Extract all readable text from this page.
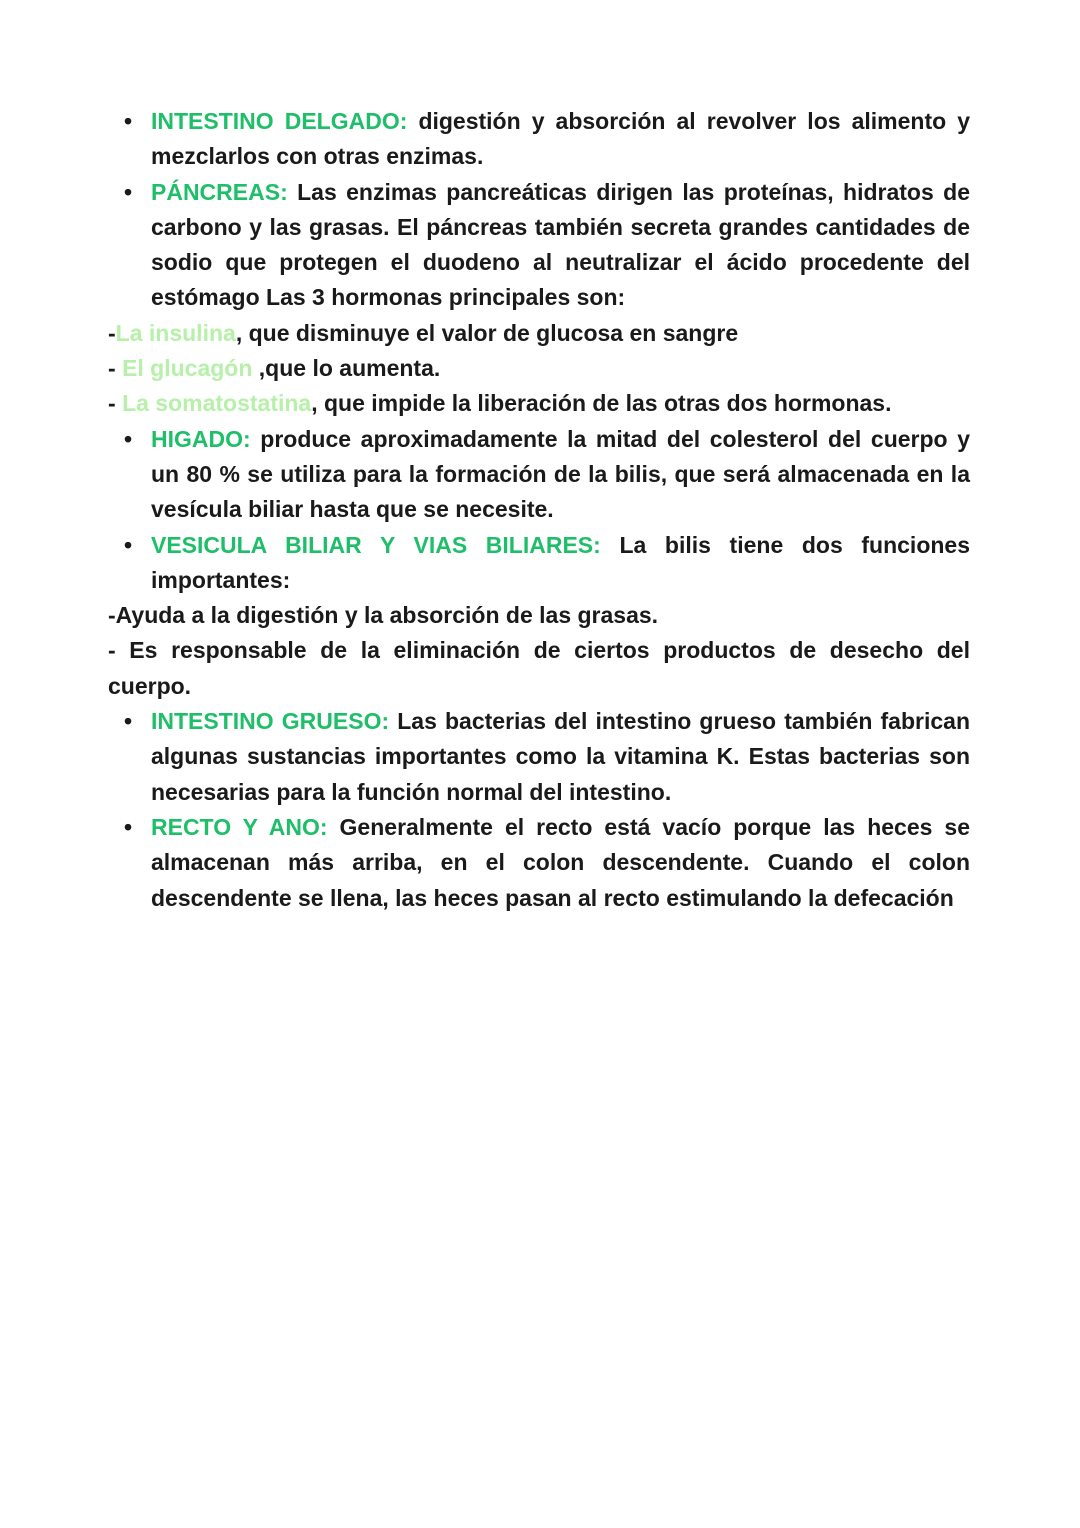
• INTESTINO DELGADO: digestión y absorción al revolver los alimento y mezclarlos con otras enzimas.
• PÁNCREAS: Las enzimas pancreáticas dirigen las proteínas, hidratos de carbono y las grasas. El páncreas también secreta grandes cantidades de sodio que protegen el duodeno al neutralizar el ácido procedente del estómago Las 3 hormonas principales son:
-La insulina, que disminuye el valor de glucosa en sangre
- El glucagón ,que lo aumenta.
- La somatostatina, que impide la liberación de las otras dos hormonas.
• HIGADO: produce aproximadamente la mitad del colesterol del cuerpo y un 80 % se utiliza para la formación de la bilis, que será almacenada en la vesícula biliar hasta que se necesite.
• VESICULA BILIAR Y VIAS BILIARES: La bilis tiene dos funciones importantes:
-Ayuda a la digestión y la absorción de las grasas.
- Es responsable de la eliminación de ciertos productos de desecho del cuerpo.
• INTESTINO GRUESO: Las bacterias del intestino grueso también fabrican algunas sustancias importantes como la vitamina K. Estas bacterias son necesarias para la función normal del intestino.
• RECTO Y ANO: Generalmente el recto está vacío porque las heces se almacenan más arriba, en el colon descendente. Cuando el colon descendente se llena, las heces pasan al recto estimulando la defecación
